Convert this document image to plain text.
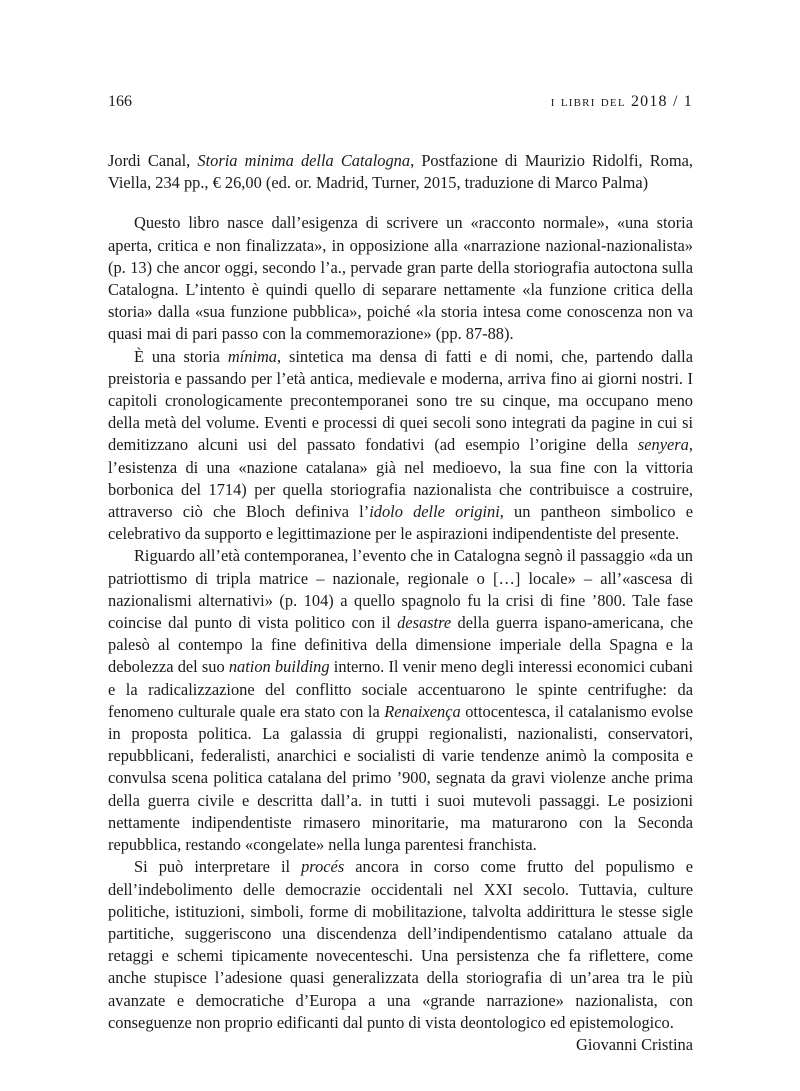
166	i libri del 2018 / 1

Jordi Canal, Storia minima della Catalogna, Postfazione di Maurizio Ridolfi, Roma, Viella, 234 pp., € 26,00 (ed. or. Madrid, Turner, 2015, traduzione di Marco Palma)

Questo libro nasce dall’esigenza di scrivere un «racconto normale», «una storia aperta, critica e non finalizzata», in opposizione alla «narrazione nazional-nazionalista» (p. 13) che ancor oggi, secondo l’a., pervade gran parte della storiografia autoctona sulla Catalogna. L’intento è quindi quello di separare nettamente «la funzione critica della storia» dalla «sua funzione pubblica», poiché «la storia intesa come conoscenza non va quasi mai di pari passo con la commemorazione» (pp. 87-88).

È una storia mínima, sintetica ma densa di fatti e di nomi, che, partendo dalla preistoria e passando per l’età antica, medievale e moderna, arriva fino ai giorni nostri. I capitoli cronologicamente precontemporanei sono tre su cinque, ma occupano meno della metà del volume. Eventi e processi di quei secoli sono integrati da pagine in cui si demitizzano alcuni usi del passato fondativi (ad esempio l’origine della senyera, l’esistenza di una «nazione catalana» già nel medioevo, la sua fine con la vittoria borbonica del 1714) per quella storiografia nazionalista che contribuisce a costruire, attraverso ciò che Bloch definiva l’idolo delle origini, un pantheon simbolico e celebrativo da supporto e legittimazione per le aspirazioni indipendentiste del presente.

Riguardo all’età contemporanea, l’evento che in Catalogna segnò il passaggio «da un patriottismo di tripla matrice – nazionale, regionale o […] locale» – all’«ascesa di nazionalismi alternativi» (p. 104) a quello spagnolo fu la crisi di fine ’800. Tale fase coincise dal punto di vista politico con il desastre della guerra ispano-americana, che palesò al contempo la fine definitiva della dimensione imperiale della Spagna e la debolezza del suo nation building interno. Il venir meno degli interessi economici cubani e la radicalizzazione del conflitto sociale accentuarono le spinte centrifughe: da fenomeno culturale quale era stato con la Renaixença ottocentesca, il catalanismo evolse in proposta politica. La galassia di gruppi regionalisti, nazionalisti, conservatori, repubblicani, federalisti, anarchici e socialisti di varie tendenze animò la composita e convulsa scena politica catalana del primo ’900, segnata da gravi violenze anche prima della guerra civile e descritta dall’a. in tutti i suoi mutevoli passaggi. Le posizioni nettamente indipendentiste rimasero minoritarie, ma maturarono con la Seconda repubblica, restando «congelate» nella lunga parentesi franchista.

Si può interpretare il procés ancora in corso come frutto del populismo e dell’indebolimento delle democrazie occidentali nel XXI secolo. Tuttavia, culture politiche, istituzioni, simboli, forme di mobilitazione, talvolta addirittura le stesse sigle partitiche, suggeriscono una discendenza dell’indipendentismo catalano attuale da retaggi e schemi tipicamente novecenteschi. Una persistenza che fa riflettere, come anche stupisce l’adesione quasi generalizzata della storiografia di un’area tra le più avanzate e democratiche d’Europa a una «grande narrazione» nazionalista, con conseguenze non proprio edificanti dal punto di vista deontologico ed epistemologico.

Giovanni Cristina
